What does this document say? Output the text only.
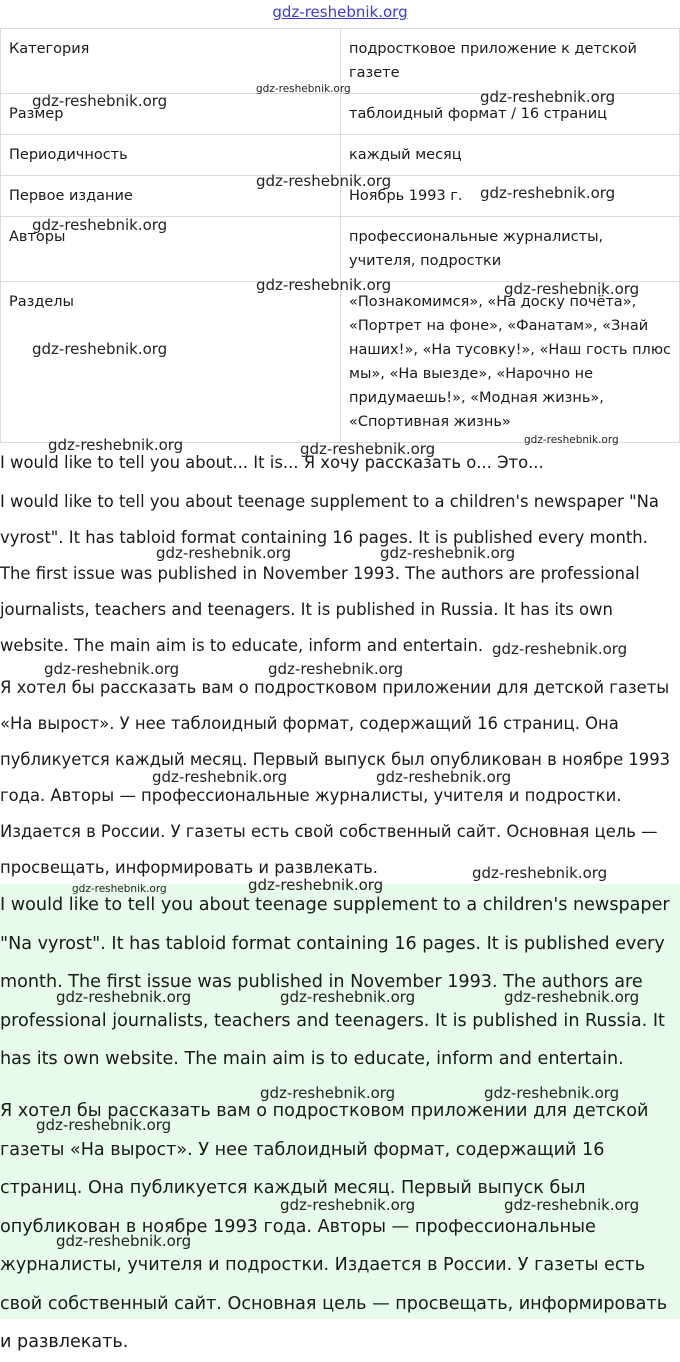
gdz-reshebnik.org
Категория	подростковое приложение к детской газете
Размер	таблоидный формат / 16 страниц
Периодичность	каждый месяц
Первое издание	Ноябрь 1993 г.
Авторы	профессиональные журналисты, учителя, подростки
Разделы	«Познакомимся», «На доску почёта», «Портрет на фоне», «Фанатам», «Знай наших!», «На тусовку!», «Наш гость плюс мы», «На выезде», «Нарочно не придумаешь!», «Модная жизнь», «Спортивная жизнь»

I would like to tell you about... It is... Я хочу рассказать о... Это...

I would like to tell you about teenage supplement to a children's newspaper "Na vyrost". It has tabloid format containing 16 pages. It is published every month. The first issue was published in November 1993. The authors are professional journalists, teachers and teenagers. It is published in Russia. It has its own website. The main aim is to educate, inform and entertain.

Я хотел бы рассказать вам о подростковом приложении для детской газеты «На вырост». У нее таблоидный формат, содержащий 16 страниц. Она публикуется каждый месяц. Первый выпуск был опубликован в ноябре 1993 года. Авторы — профессиональные журналисты, учителя и подростки. Издается в России. У газеты есть свой собственный сайт. Основная цель — просвещать, информировать и развлекать.

I would like to tell you about teenage supplement to a children's newspaper "Na vyrost". It has tabloid format containing 16 pages. It is published every month. The first issue was published in November 1993. The authors are professional journalists, teachers and teenagers. It is published in Russia. It has its own website. The main aim is to educate, inform and entertain.

Я хотел бы рассказать вам о подростковом приложении для детской газеты «На вырост». У нее таблоидный формат, содержащий 16 страниц. Она публикуется каждый месяц. Первый выпуск был опубликован в ноябре 1993 года. Авторы — профессиональные журналисты, учителя и подростки. Издается в России. У газеты есть свой собственный сайт. Основная цель — просвещать, информировать и развлекать.

gdz-reshebnik.org
gdz-reshebnik.org	gdz-reshebnik.org
gdz-reshebnik.org
gdz-reshebnik.org
gdz-reshebnik.org
gdz-reshebnik.org	gdz-reshebnik.org
gdz-reshebnik.org
gdz-reshebnik.org
gdz-reshebnik.org	gdz-reshebnik.org
gdz-reshebnik.org	gdz-reshebnik.org
gdz-reshebnik.org
gdz-reshebnik.org	gdz-reshebnik.org
gdz-reshebnik.org	gdz-reshebnik.org
gdz-reshebnik.org
gdz-reshebnik.org	gdz-reshebnik.org
gdz-reshebnik.org	gdz-reshebnik.org	gdz-reshebnik.org
gdz-reshebnik.org	gdz-reshebnik.org
gdz-reshebnik.org
gdz-reshebnik.org	gdz-reshebnik.org
gdz-reshebnik.org
